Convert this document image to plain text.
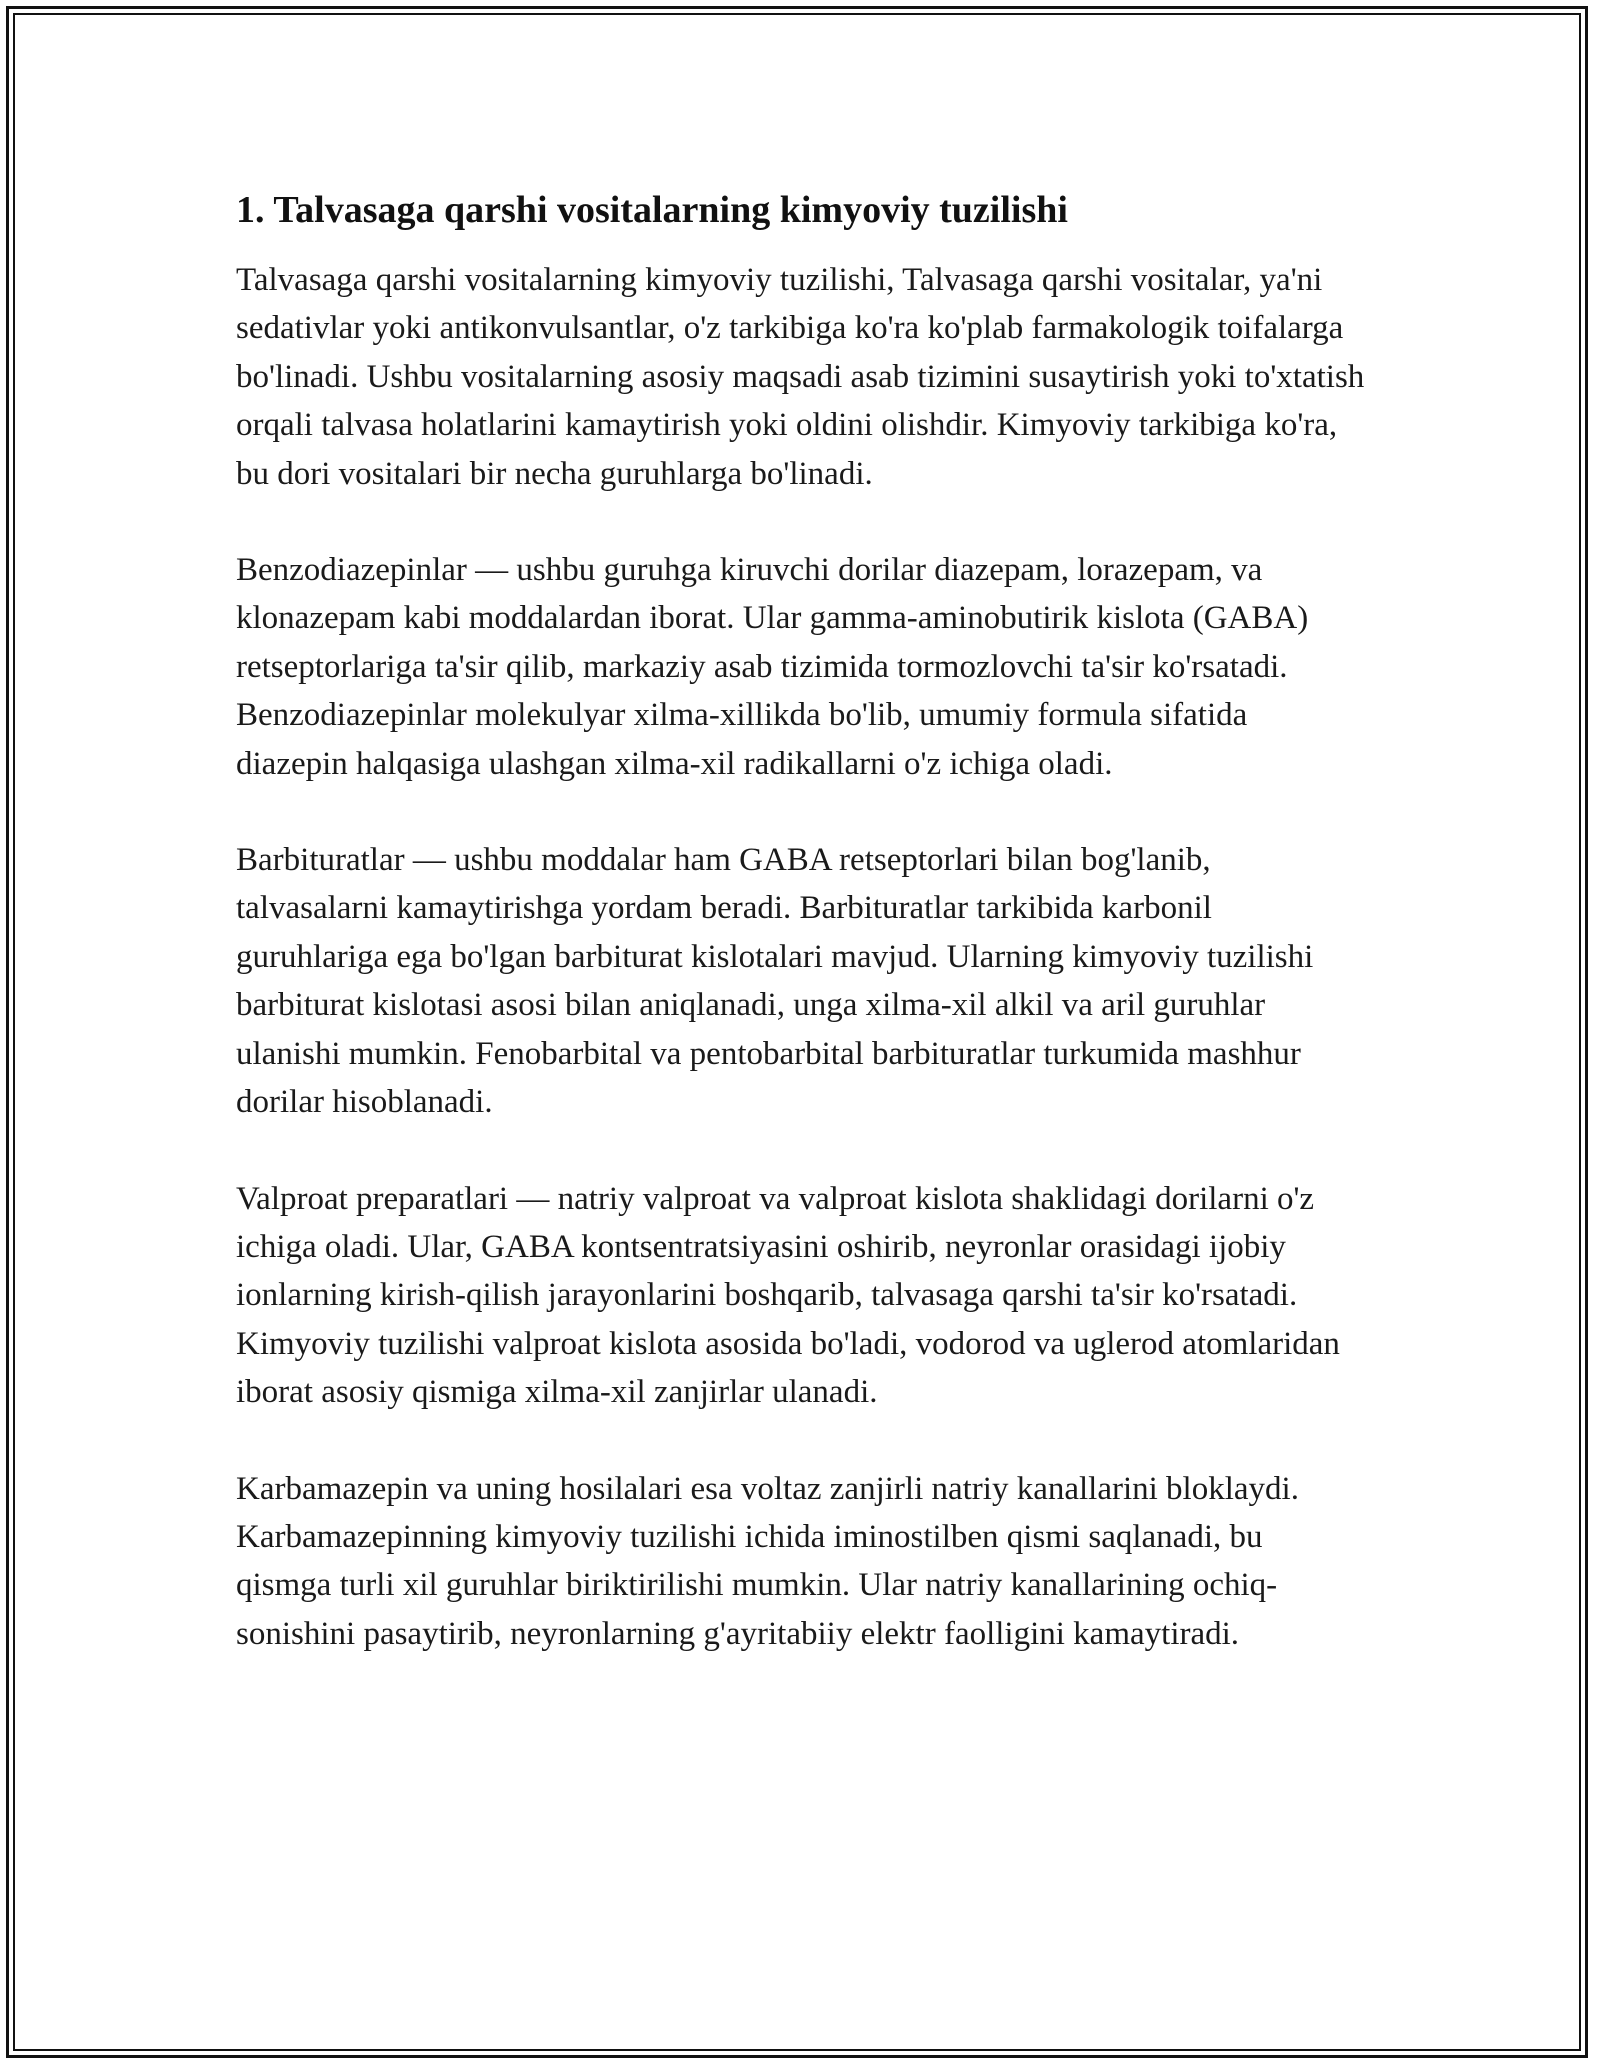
1. Talvasaga qarshi vositalarning kimyoviy tuzilishi

Talvasaga qarshi vositalarning kimyoviy tuzilishi, Talvasaga qarshi vositalar, ya'ni sedativlar yoki antikonvulsantlar, o'z tarkibiga ko'ra ko'plab farmakologik toifalarga bo'linadi. Ushbu vositalarning asosiy maqsadi asab tizimini susaytirish yoki to'xtatish orqali talvasa holatlarini kamaytirish yoki oldini olishdir. Kimyoviy tarkibiga ko'ra, bu dori vositalari bir necha guruhlarga bo'linadi.

Benzodiazepinlar — ushbu guruhga kiruvchi dorilar diazepam, lorazepam, va klonazepam kabi moddalardan iborat. Ular gamma-aminobutirik kislota (GABA) retseptorlariga ta'sir qilib, markaziy asab tizimida tormozlovchi ta'sir ko'rsatadi. Benzodiazepinlar molekulyar xilma-xillikda bo'lib, umumiy formula sifatida diazepin halqasiga ulashgan xilma-xil radikallarni o'z ichiga oladi.

Barbituratlar — ushbu moddalar ham GABA retseptorlari bilan bog'lanib, talvasalarni kamaytirishga yordam beradi. Barbituratlar tarkibida karbonil guruhlariga ega bo'lgan barbiturat kislotalari mavjud. Ularning kimyoviy tuzilishi barbiturat kislotasi asosi bilan aniqlanadi, unga xilma-xil alkil va aril guruhlar ulanishi mumkin. Fenobarbital va pentobarbital barbituratlar turkumida mashhur dorilar hisoblanadi.

Valproat preparatlari — natriy valproat va valproat kislota shaklidagi dorilarni o'z ichiga oladi. Ular, GABA kontsentratsiyasini oshirib, neyronlar orasidagi ijobiy ionlarning kirish-qilish jarayonlarini boshqarib, talvasaga qarshi ta'sir ko'rsatadi. Kimyoviy tuzilishi valproat kislota asosida bo'ladi, vodorod va uglerod atomlaridan iborat asosiy qismiga xilma-xil zanjirlar ulanadi.

Karbamazepin va uning hosilalari esa voltaz zanjirli natriy kanallarini bloklaydi. Karbamazepinning kimyoviy tuzilishi ichida iminostilben qismi saqlanadi, bu qismga turli xil guruhlar biriktirilishi mumkin. Ular natriy kanallarining ochiq-sonishini pasaytirib, neyronlarning g'ayritabiiy elektr faolligini kamaytiradi.
